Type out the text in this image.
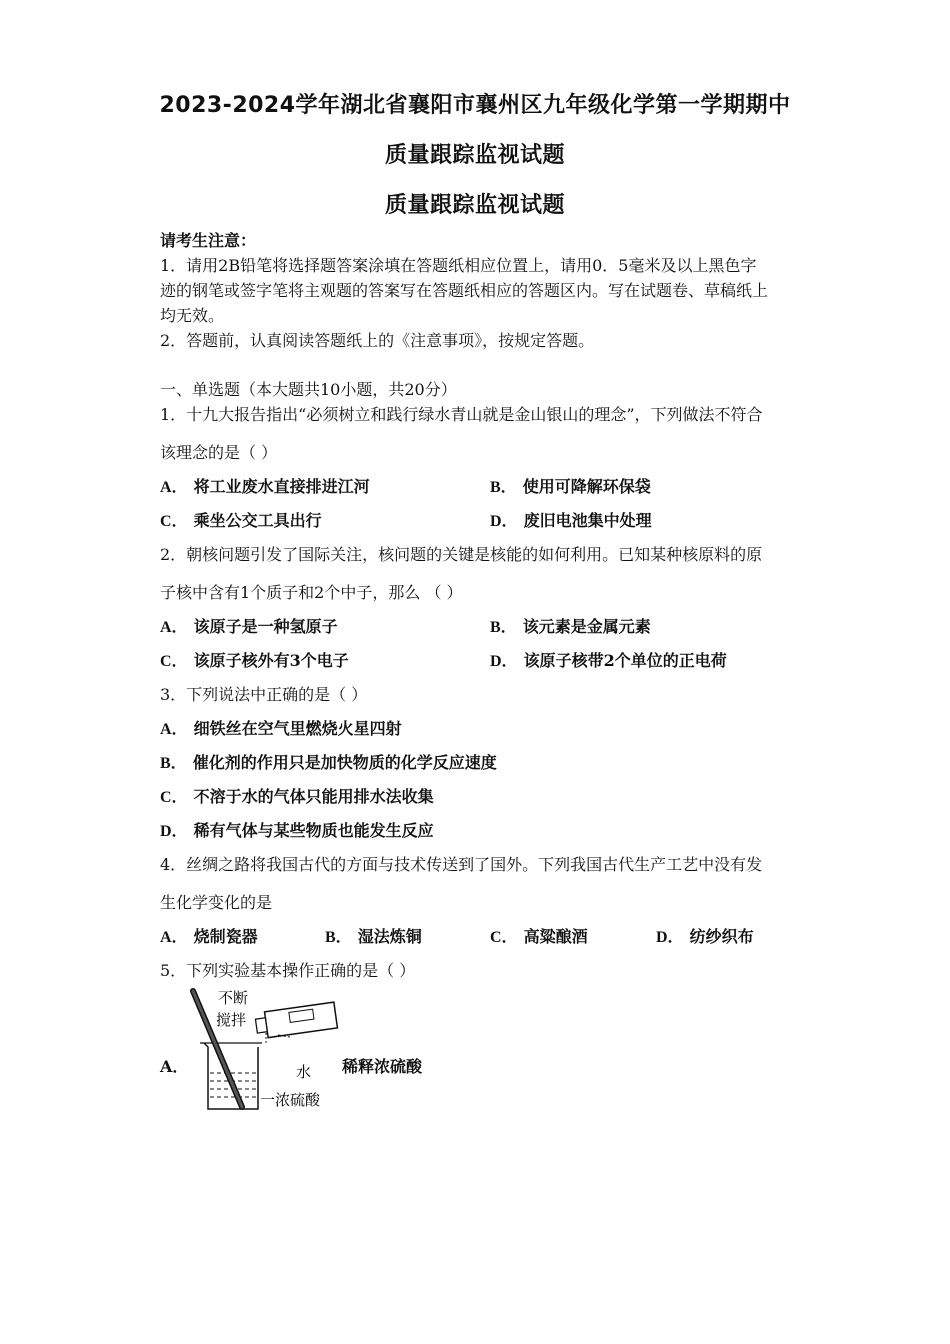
2023-2024学年湖北省襄阳市襄州区九年级化学第一学期期中
质量跟踪监视试题
质量跟踪监视试题
请考生注意：
1．请用2B铅笔将选择题答案涂填在答题纸相应位置上，请用0．5毫米及以上黑色字
迹的钢笔或签字笔将主观题的答案写在答题纸相应的答题区内。写在试题卷、草稿纸上
均无效。
2．答题前，认真阅读答题纸上的《注意事项》，按规定答题。
一、单选题（本大题共10小题，共20分）
1．十九大报告指出“必须树立和践行绿水青山就是金山银山的理念”，下列做法不符合
该理念的是（ ）
A． 将工业废水直接排进江河	B． 使用可降解环保袋
C． 乘坐公交工具出行	D． 废旧电池集中处理
2．朝核问题引发了国际关注，核问题的关键是核能的如何利用。已知某种核原料的原
子核中含有1个质子和2个中子，那么 （ ）
A． 该原子是一种氢原子	B． 该元素是金属元素
C． 该原子核外有3个电子	D． 该原子核带2个单位的正电荷
3．下列说法中正确的是（ ）
A． 细铁丝在空气里燃烧火星四射
B． 催化剂的作用只是加快物质的化学反应速度
C． 不溶于水的气体只能用排水法收集
D． 稀有气体与某些物质也能发生反应
4．丝绸之路将我国古代的方面与技术传送到了国外。下列我国古代生产工艺中没有发
生化学变化的是
A． 烧制瓷器	B． 湿法炼铜	C． 高粱酿酒	D． 纺纱织布
5．下列实验基本操作正确的是（ ）
A．	稀释浓硫酸
不断
搅拌
水
一浓硫酸
